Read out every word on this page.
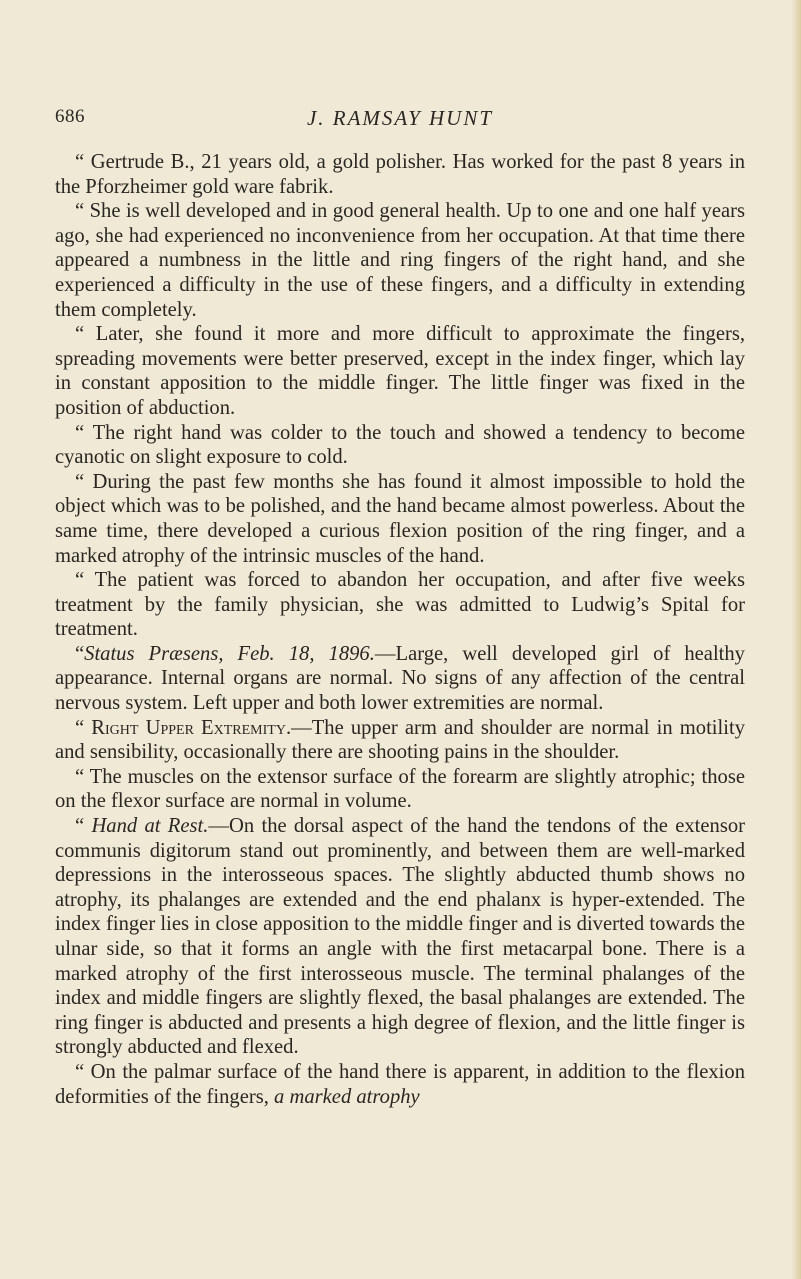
686	J. RAMSAY HUNT

“ Gertrude B., 21 years old, a gold polisher. Has worked for the past 8 years in the Pforzheimer gold ware fabrik.

“ She is well developed and in good general health. Up to one and one half years ago, she had experienced no inconvenience from her occupation. At that time there appeared a numbness in the little and ring fingers of the right hand, and she experienced a difficulty in the use of these fingers, and a difficulty in extending them completely.

“ Later, she found it more and more difficult to approximate the fingers, spreading movements were better preserved, except in the index finger, which lay in constant apposition to the middle finger. The little finger was fixed in the position of abduction.

“ The right hand was colder to the touch and showed a tendency to become cyanotic on slight exposure to cold.

“ During the past few months she has found it almost impossible to hold the object which was to be polished, and the hand became almost powerless. About the same time, there developed a curious flexion position of the ring finger, and a marked atrophy of the intrinsic muscles of the hand.

“ The patient was forced to abandon her occupation, and after five weeks treatment by the family physician, she was admitted to Ludwig’s Spital for treatment.

“Status Præsens, Feb. 18, 1896.—Large, well developed girl of healthy appearance. Internal organs are normal. No signs of any affection of the central nervous system. Left upper and both lower extremities are normal.

“ Right Upper Extremity.—The upper arm and shoulder are normal in motility and sensibility, occasionally there are shooting pains in the shoulder.

“ The muscles on the extensor surface of the forearm are slightly atrophic; those on the flexor surface are normal in volume.

“ Hand at Rest.—On the dorsal aspect of the hand the tendons of the extensor communis digitorum stand out prominently, and between them are well-marked depressions in the interosseous spaces. The slightly abducted thumb shows no atrophy, its phalanges are extended and the end phalanx is hyper-extended. The index finger lies in close apposition to the middle finger and is diverted towards the ulnar side, so that it forms an angle with the first metacarpal bone. There is a marked atrophy of the first interosseous muscle. The terminal phalanges of the index and middle fingers are slightly flexed, the basal phalanges are extended. The ring finger is abducted and presents a high degree of flexion, and the little finger is strongly abducted and flexed.

“ On the palmar surface of the hand there is apparent, in addition to the flexion deformities of the fingers, a marked atrophy
